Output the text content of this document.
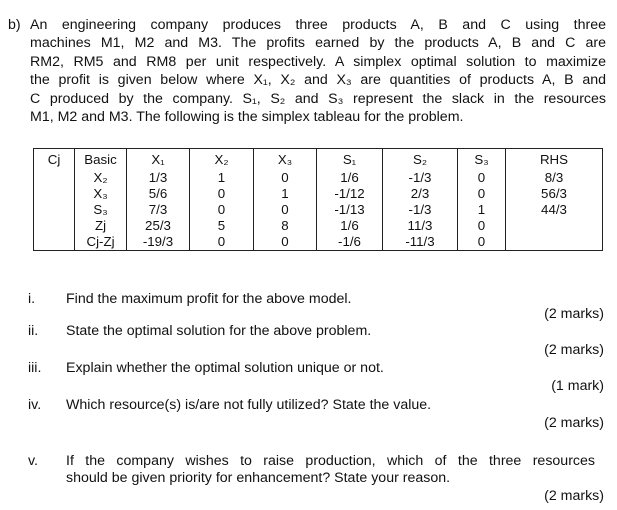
b) An engineering company produces three products A, B and C using three
machines M1, M2 and M3. The profits earned by the products A, B and C are
RM2, RM5 and RM8 per unit respectively. A simplex optimal solution to maximize
the profit is given below where X₁, X₂ and X₃ are quantities of products A, B and
C produced by the company. S₁, S₂ and S₃ represent the slack in the resources
M1, M2 and M3. The following is the simplex tableau for the problem.
Cj	Basic	X₁	X₂	X₃	S₁	S₂	S₃	RHS
	X₂	1/3	1	0	1/6	-1/3	0	8/3
	X₃	5/6	0	1	-1/12	2/3	0	56/3
	S₃	7/3	0	0	-1/13	-1/3	1	44/3
	Zj	25/3	5	8	1/6	11/3	0	
	Cj-Zj	-19/3	0	0	-1/6	-11/3	0	
i. Find the maximum profit for the above model.
(2 marks)
ii. State the optimal solution for the above problem.
(2 marks)
iii. Explain whether the optimal solution unique or not.
(1 mark)
iv. Which resource(s) is/are not fully utilized? State the value.
(2 marks)
v. If the company wishes to raise production, which of the three resources
should be given priority for enhancement? State your reason.
(2 marks)
